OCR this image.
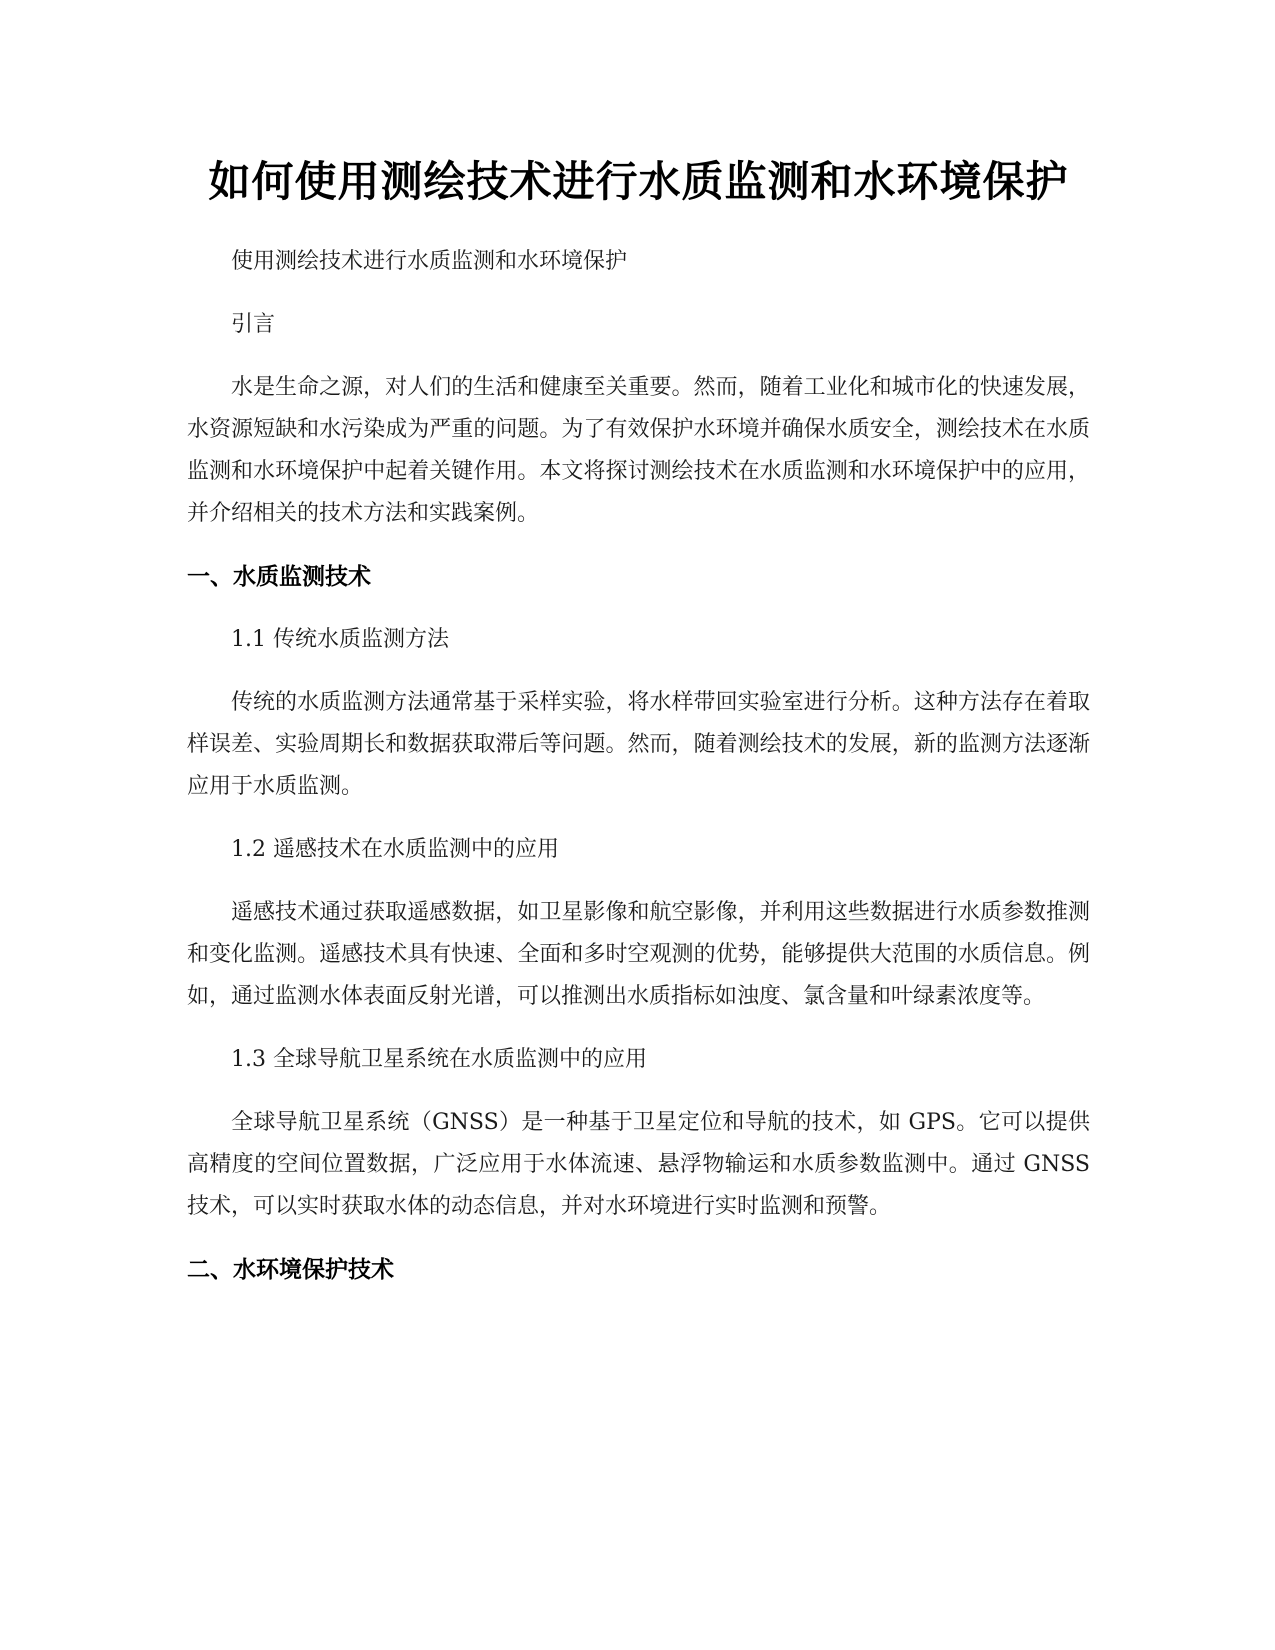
如何使用测绘技术进行水质监测和水环境保护
使用测绘技术进行水质监测和水环境保护
引言
水是生命之源，对人们的生活和健康至关重要。然而，随着工业化和城市化的快速发展，水资源短缺和水污染成为严重的问题。为了有效保护水环境并确保水质安全，测绘技术在水质监测和水环境保护中起着关键作用。本文将探讨测绘技术在水质监测和水环境保护中的应用，并介绍相关的技术方法和实践案例。
一、水质监测技术
1.1 传统水质监测方法
传统的水质监测方法通常基于采样实验，将水样带回实验室进行分析。这种方法存在着取样误差、实验周期长和数据获取滞后等问题。然而，随着测绘技术的发展，新的监测方法逐渐应用于水质监测。
1.2 遥感技术在水质监测中的应用
遥感技术通过获取遥感数据，如卫星影像和航空影像，并利用这些数据进行水质参数推测和变化监测。遥感技术具有快速、全面和多时空观测的优势，能够提供大范围的水质信息。例如，通过监测水体表面反射光谱，可以推测出水质指标如浊度、氯含量和叶绿素浓度等。
1.3 全球导航卫星系统在水质监测中的应用
全球导航卫星系统（GNSS）是一种基于卫星定位和导航的技术，如 GPS。它可以提供高精度的空间位置数据，广泛应用于水体流速、悬浮物输运和水质参数监测中。通过 GNSS 技术，可以实时获取水体的动态信息，并对水环境进行实时监测和预警。
二、水环境保护技术
